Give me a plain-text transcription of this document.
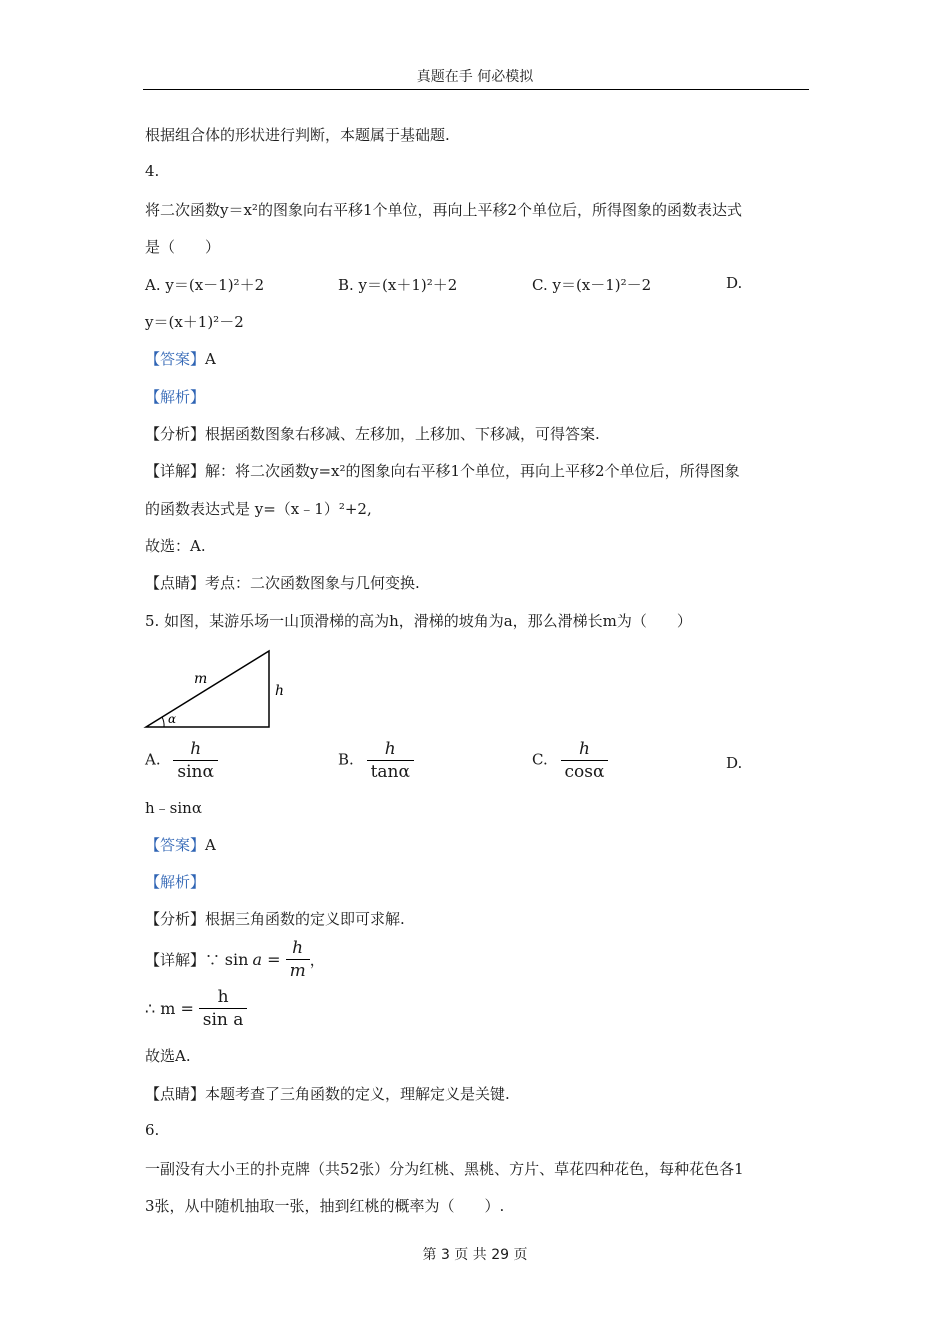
真题在手 何必模拟
根据组合体的形状进行判断，本题属于基础题.
4.
将二次函数y＝x²的图象向右平移1个单位，再向上平移2个单位后，所得图象的函数表达式
是（　　）
A. y＝(x－1)²＋2	B. y＝(x＋1)²＋2	C. y＝(x－1)²－2	D.
y＝(x＋1)²－2
【答案】A
【解析】
【分析】根据函数图象右移减、左移加，上移加、下移减，可得答案.
【详解】解：将二次函数y=x²的图象向右平移1个单位，再向上平移2个单位后，所得图象
的函数表达式是 y=（x﹣1）²+2,
故选：A.
【点睛】考点：二次函数图象与几何变换.
5. 如图，某游乐场一山顶滑梯的高为h，滑梯的坡角为a，那么滑梯长m为（　　）
m
h
α
A. $\frac{h}{\sin\alpha}$	B. $\frac{h}{\tan\alpha}$	C. $\frac{h}{\cos\alpha}$	D.
h﹣sinα
【答案】A
【解析】
【分析】根据三角函数的定义即可求解.
【详解】∵ $\sin a = \frac{h}{m}$ ，
∴ $m = \frac{h}{\text{sin a}}$
故选A.
【点睛】本题考查了三角函数的定义，理解定义是关键.
6.
一副没有大小王的扑克牌（共52张）分为红桃、黑桃、方片、草花四种花色，每种花色各1
3张，从中随机抽取一张，抽到红桃的概率为（　　）.
第 3 页 共 29 页
